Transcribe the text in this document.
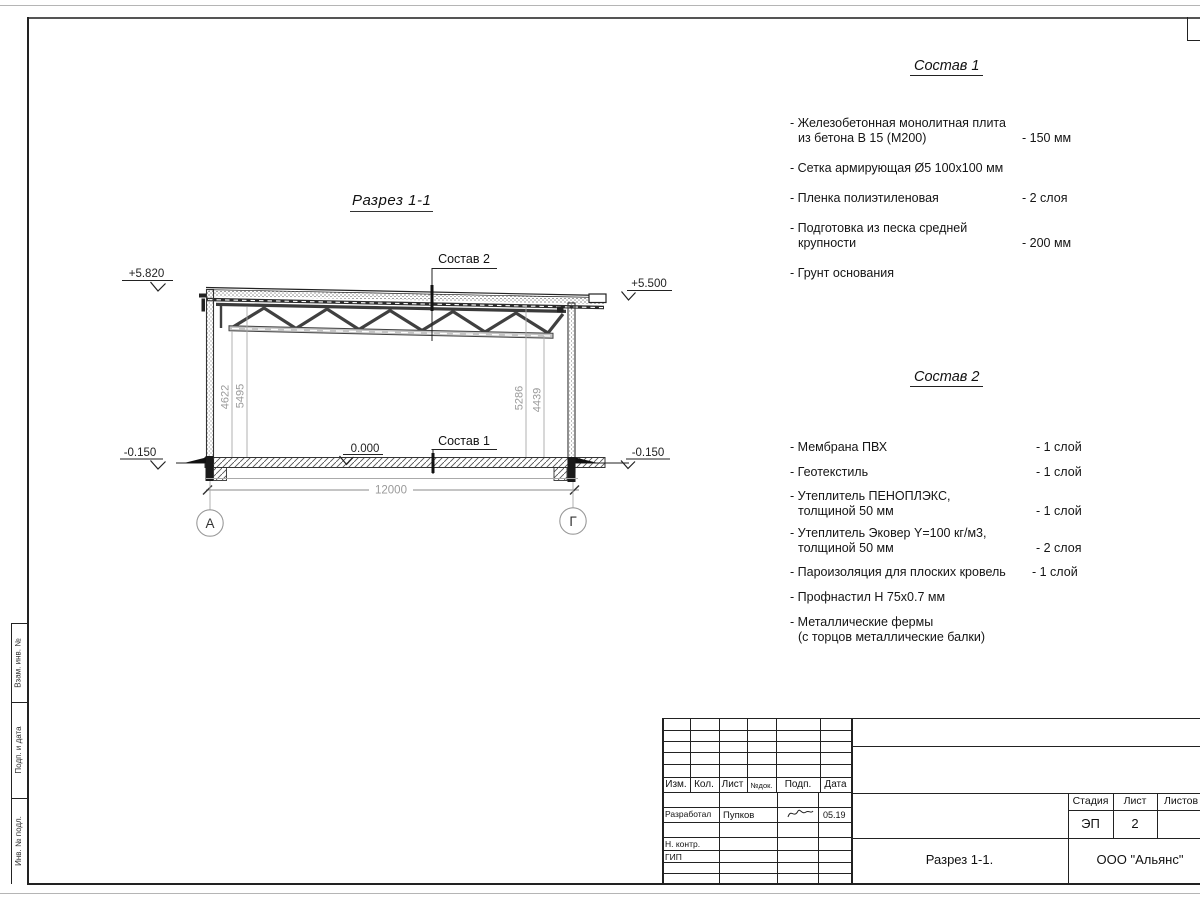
Взам. инв. №
Подп. и дата
Инв. № подл.
Разрез 1-1
4622 5495	5286 4439
12000
А	Г
+5.820
+5.500
0.000
-0.150	-0.150
Состав 2
Состав 1
Состав 1
- Железобетонная монолитная плита
из бетона В 15 (М200)	- 150 мм
- Сетка армирующая Ø5 100х100 мм
- Пленка полиэтиленовая	- 2 слоя
- Подготовка из песка средней
крупности	- 200 мм
- Грунт основания
Состав 2
- Мембрана ПВХ	- 1 слой
- Геотекстиль	- 1 слой
- Утеплитель ПЕНОПЛЭКС,
толщиной 50 мм	- 1 слой
- Утеплитель Эковер Y=100 кг/м3,
толщиной 50 мм	- 2 слоя
- Пароизоляция для плоских кровель	- 1 слой
- Профнастил Н 75х0.7 мм
- Металлические фермы
(с торцов металлические балки)
Изм. Кол. Лист №док.	Подп.	Дата
Разработал Пупков	05.19
Н. контр.
ГИП
Стадия	Лист	Листов
ЭП	2
Разрез 1-1.	ООО "Альянс"
